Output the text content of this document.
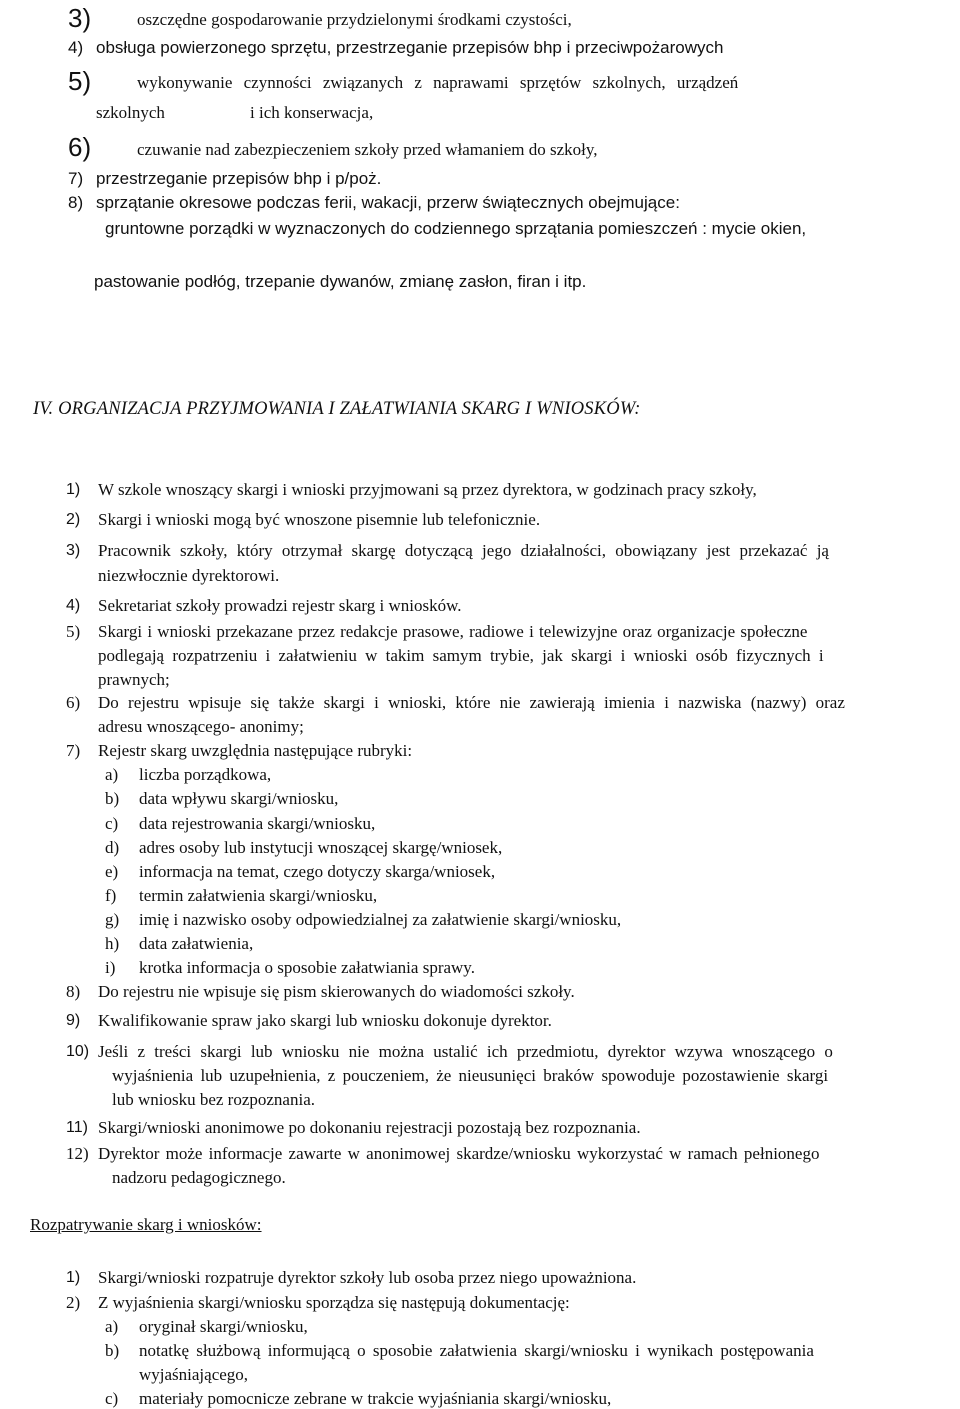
3)	oszczędne gospodarowanie przydzielonymi środkami czystości,
4) obsługa powierzonego sprzętu, przestrzeganie przepisów bhp i przeciwpożarowych
5)	wykonywanie czynności związanych z naprawami sprzętów szkolnych, urządzeń
szkolnych	i ich konserwacja,
6)	czuwanie nad zabezpieczeniem szkoły przed włamaniem do szkoły,
7) przestrzeganie przepisów bhp i p/poż.
8) sprzątanie okresowe podczas ferii, wakacji, przerw świątecznych obejmujące:
gruntowne porządki w wyznaczonych do codziennego sprzątania pomieszczeń : mycie okien,
pastowanie podłóg, trzepanie dywanów, zmianę zasłon, firan i itp.
IV. ORGANIZACJA PRZYJMOWANIA I ZAŁATWIANIA SKARG I WNIOSKÓW:
1) W szkole wnoszący skargi i wnioski przyjmowani są przez dyrektora, w godzinach pracy szkoły,
2) Skargi i wnioski mogą być wnoszone pisemnie lub telefonicznie.
3) Pracownik szkoły, który otrzymał skargę dotyczącą jego działalności, obowiązany jest przekazać ją
niezwłocznie dyrektorowi.
4) Sekretariat szkoły prowadzi rejestr skarg i wniosków.
5) Skargi i wnioski przekazane przez redakcje prasowe, radiowe i telewizyjne oraz organizacje społeczne
podlegają rozpatrzeniu i załatwieniu w takim samym trybie, jak skargi i wnioski osób fizycznych i
prawnych;
6) Do rejestru wpisuje się także skargi i wnioski, które nie zawierają imienia i nazwiska (nazwy) oraz
adresu wnoszącego- anonimy;
7) Rejestr skarg uwzględnia następujące rubryki:
a) liczba porządkowa,
b) data wpływu skargi/wniosku,
c) data rejestrowania skargi/wniosku,
d) adres osoby lub instytucji wnoszącej skargę/wniosek,
e) informacja na temat, czego dotyczy skarga/wniosek,
f) termin załatwienia skargi/wniosku,
g) imię i nazwisko osoby odpowiedzialnej za załatwienie skargi/wniosku,
h) data załatwienia,
i) krotka informacja o sposobie załatwiania sprawy.
8) Do rejestru nie wpisuje się pism skierowanych do wiadomości szkoły.
9) Kwalifikowanie spraw jako skargi lub wniosku dokonuje dyrektor.
10) Jeśli z treści skargi lub wniosku nie można ustalić ich przedmiotu, dyrektor wzywa wnoszącego o
wyjaśnienia lub uzupełnienia, z pouczeniem, że nieusunięci braków spowoduje pozostawienie skargi
lub wniosku bez rozpoznania.
11) Skargi/wnioski anonimowe po dokonaniu rejestracji pozostają bez rozpoznania.
12) Dyrektor może informacje zawarte w anonimowej skardze/wniosku wykorzystać w ramach pełnionego
nadzoru pedagogicznego.
Rozpatrywanie skarg i wniosków:
1) Skargi/wnioski rozpatruje dyrektor szkoły lub osoba przez niego upoważniona.
2) Z wyjaśnienia skargi/wniosku sporządza się następują dokumentację:
a) oryginał skargi/wniosku,
b) notatkę służbową informującą o sposobie załatwienia skargi/wniosku i wynikach postępowania
wyjaśniającego,
c) materiały pomocnicze zebrane w trakcie wyjaśniania skargi/wniosku,
